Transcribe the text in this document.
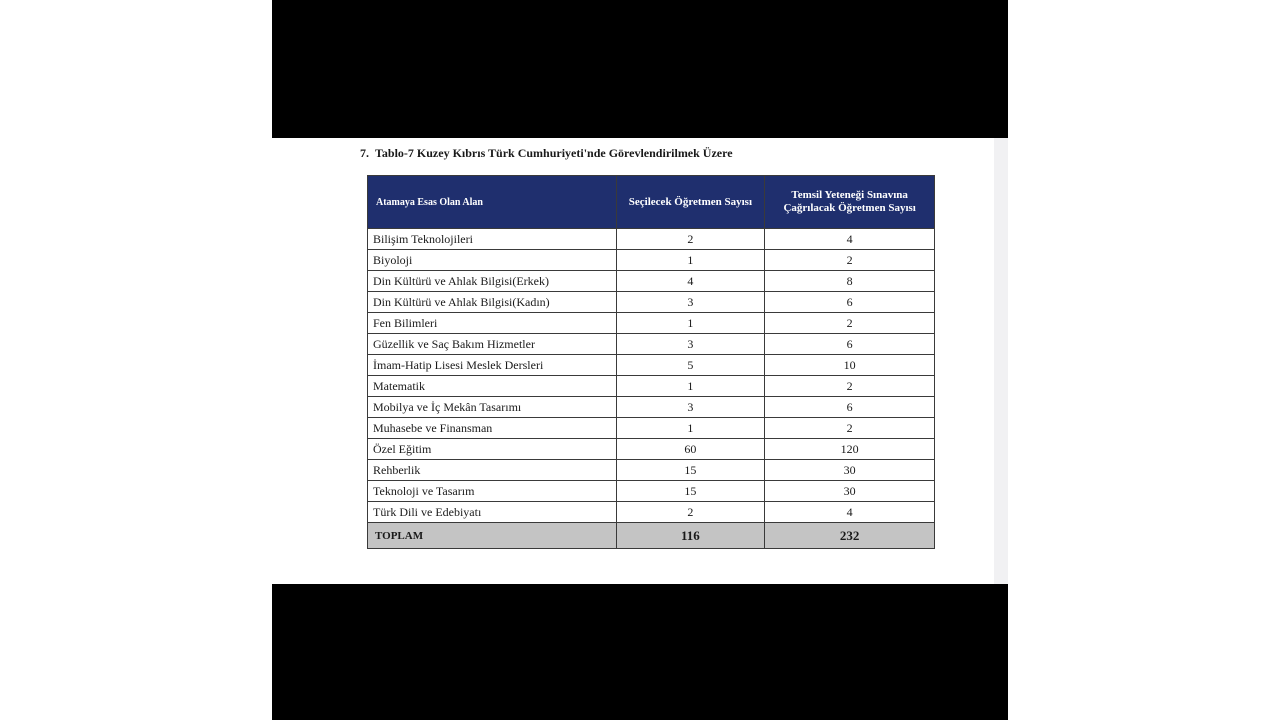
7. Tablo-7 Kuzey Kıbrıs Türk Cumhuriyeti'nde Görevlendirilmek Üzere
Atamaya Esas Olan Alan	Seçilecek Öğretmen Sayısı	Temsil Yeteneği Sınavına Çağrılacak Öğretmen Sayısı
Bilişim Teknolojileri	2	4
Biyoloji	1	2
Din Kültürü ve Ahlak Bilgisi(Erkek)	4	8
Din Kültürü ve Ahlak Bilgisi(Kadın)	3	6
Fen Bilimleri	1	2
Güzellik ve Saç Bakım Hizmetler	3	6
İmam-Hatip Lisesi Meslek Dersleri	5	10
Matematik	1	2
Mobilya ve İç Mekân Tasarımı	3	6
Muhasebe ve Finansman	1	2
Özel Eğitim	60	120
Rehberlik	15	30
Teknoloji ve Tasarım	15	30
Türk Dili ve Edebiyatı	2	4
TOPLAM	116	232
